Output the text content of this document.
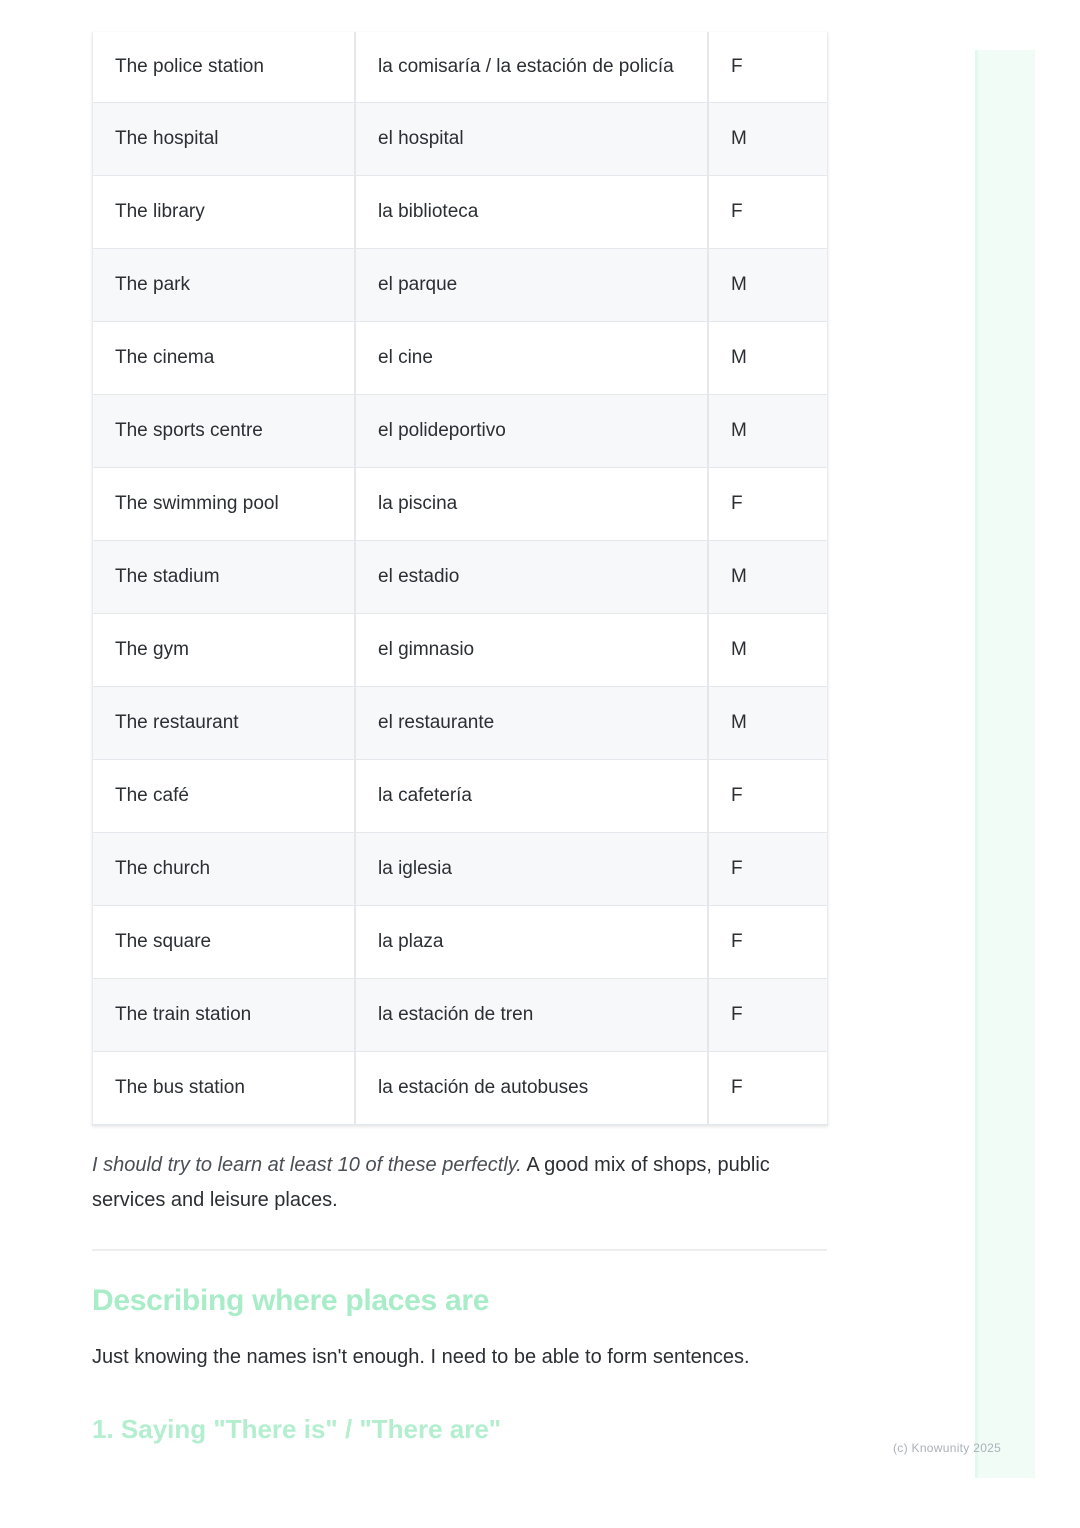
The police station	la comisaría / la estación de policía	F
The hospital	el hospital	M
The library	la biblioteca	F
The park	el parque	M
The cinema	el cine	M
The sports centre	el polideportivo	M
The swimming pool	la piscina	F
The stadium	el estadio	M
The gym	el gimnasio	M
The restaurant	el restaurante	M
The café	la cafetería	F
The church	la iglesia	F
The square	la plaza	F
The train station	la estación de tren	F
The bus station	la estación de autobuses	F
I should try to learn at least 10 of these perfectly. A good mix of shops, public services and leisure places.
Describing where places are
Just knowing the names isn't enough. I need to be able to form sentences.
1. Saying "There is" / "There are"
(c) Knowunity 2025
